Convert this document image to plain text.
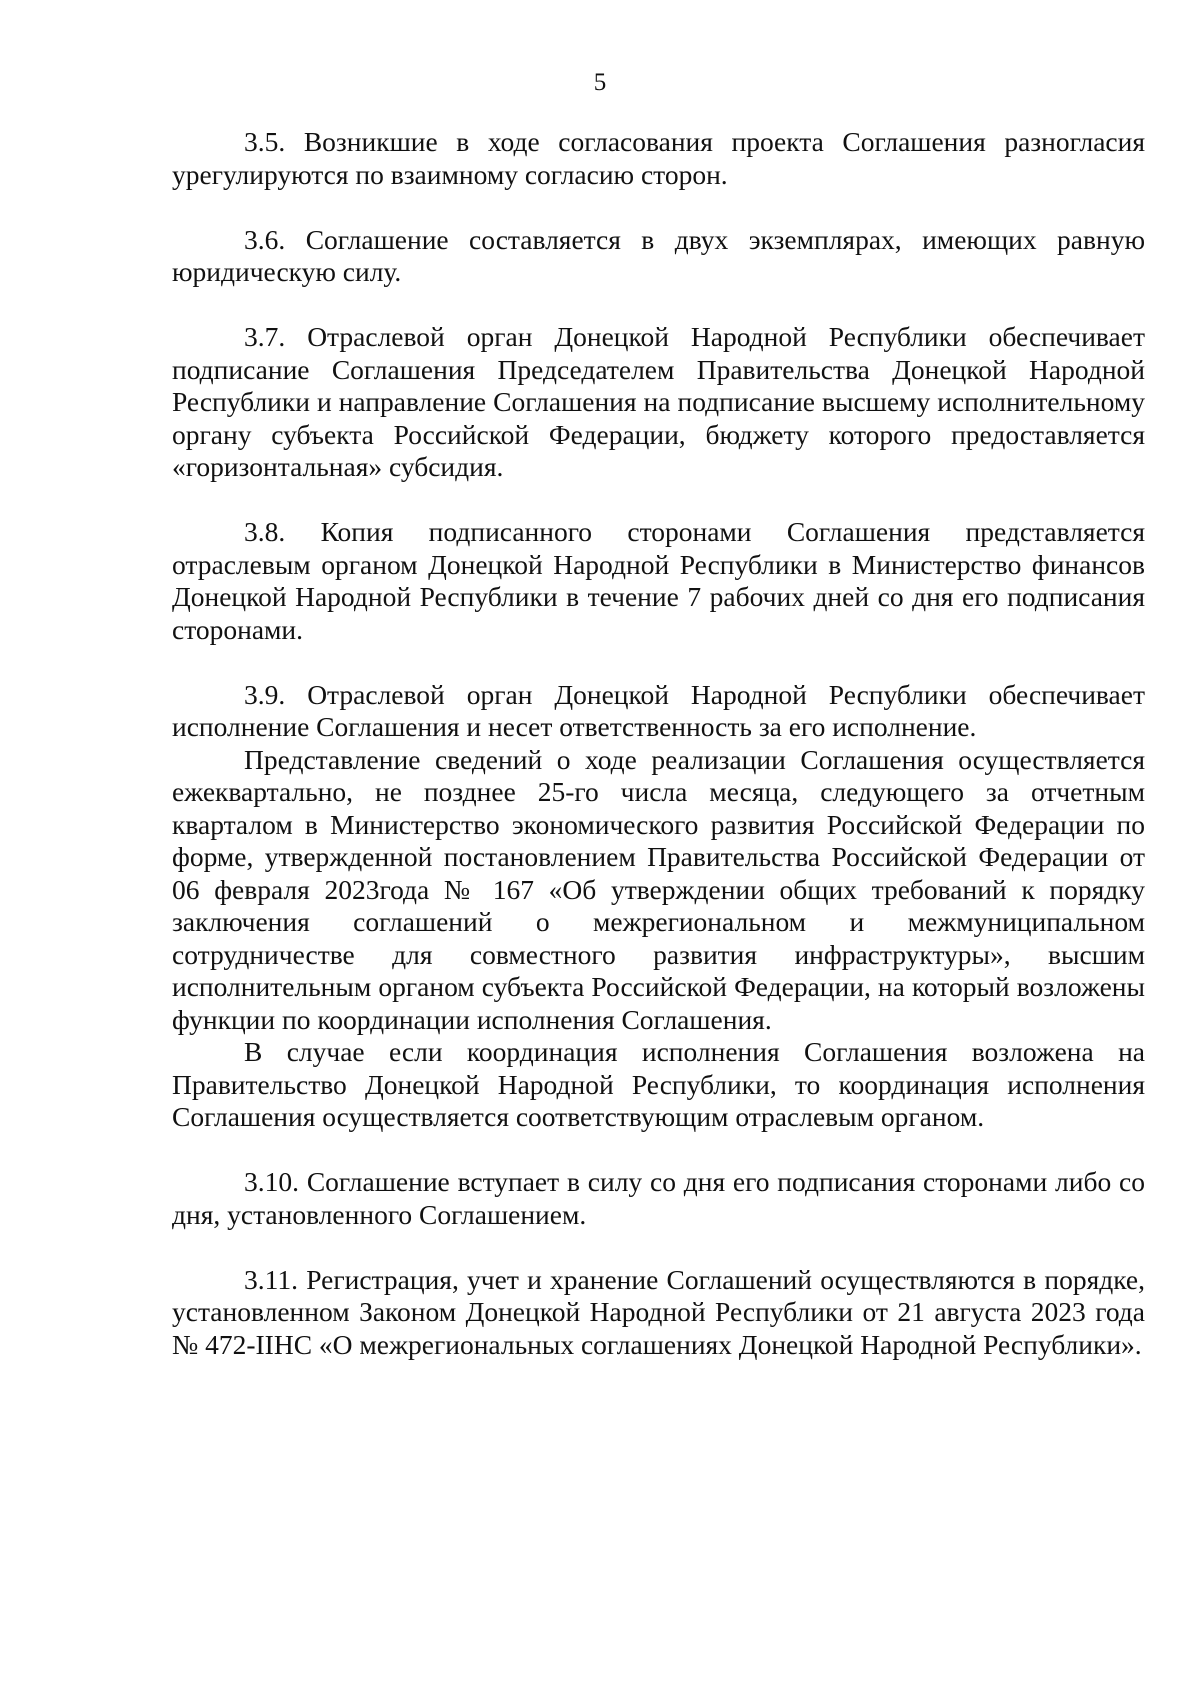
5

3.5. Возникшие в ходе согласования проекта Соглашения разногласия урегулируются по взаимному согласию сторон.

3.6. Соглашение составляется в двух экземплярах, имеющих равную юридическую силу.

3.7. Отраслевой орган Донецкой Народной Республики обеспечивает подписание Соглашения Председателем Правительства Донецкой Народной Республики и направление Соглашения на подписание высшему исполнительному органу субъекта Российской Федерации, бюджету которого предоставляется «горизонтальная» субсидия.

3.8. Копия подписанного сторонами Соглашения представляется отраслевым органом Донецкой Народной Республики в Министерство финансов Донецкой Народной Республики в течение 7 рабочих дней со дня его подписания сторонами.

3.9. Отраслевой орган Донецкой Народной Республики обеспечивает исполнение Соглашения и несет ответственность за его исполнение.

Представление сведений о ходе реализации Соглашения осуществляется ежеквартально, не позднее 25-го числа месяца, следующего за отчетным кварталом в Министерство экономического развития Российской Федерации по форме, утвержденной постановлением Правительства Российской Федерации от 06 февраля 2023года № 167 «Об утверждении общих требований к порядку заключения соглашений о межрегиональном и межмуниципальном сотрудничестве для совместного развития инфраструктуры», высшим исполнительным органом субъекта Российской Федерации, на который возложены функции по координации исполнения Соглашения.

В случае если координация исполнения Соглашения возложена на Правительство Донецкой Народной Республики, то координация исполнения Соглашения осуществляется соответствующим отраслевым органом.

3.10. Соглашение вступает в силу со дня его подписания сторонами либо со дня, установленного Соглашением.

3.11. Регистрация, учет и хранение Соглашений осуществляются в порядке, установленном Законом Донецкой Народной Республики от 21 августа 2023 года № 472-IIНС «О межрегиональных соглашениях Донецкой Народной Республики».
